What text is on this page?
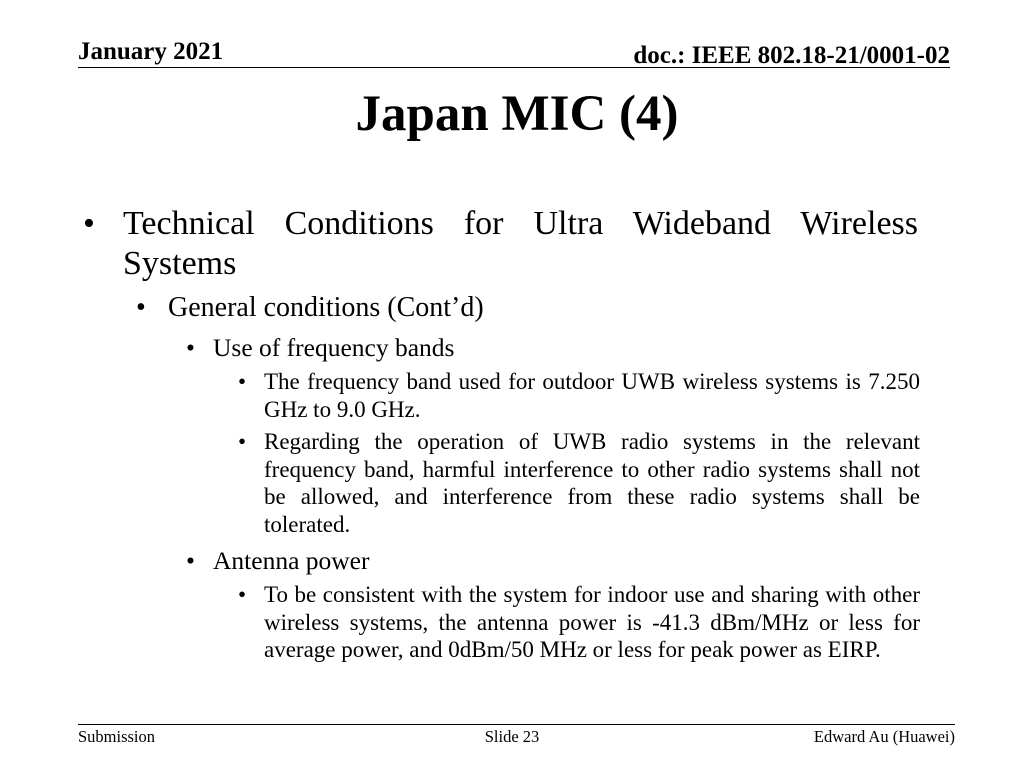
January 2021	doc.: IEEE 802.18-21/0001-02
Japan MIC (4)
•
Technical Conditions for Ultra Wideband Wireless Systems
•
General conditions (Cont’d)
•
Use of frequency bands
•
The frequency band used for outdoor UWB wireless systems is 7.250 GHz to 9.0 GHz.
•
Regarding the operation of UWB radio systems in the relevant frequency band, harmful interference to other radio systems shall not be allowed, and interference from these radio systems shall be tolerated.
•
Antenna power
•
To be consistent with the system for indoor use and sharing with other wireless systems, the antenna power is -41.3 dBm/MHz or less for average power, and 0dBm/50 MHz or less for peak power as EIRP.
Submission	Slide 23	Edward Au (Huawei)
